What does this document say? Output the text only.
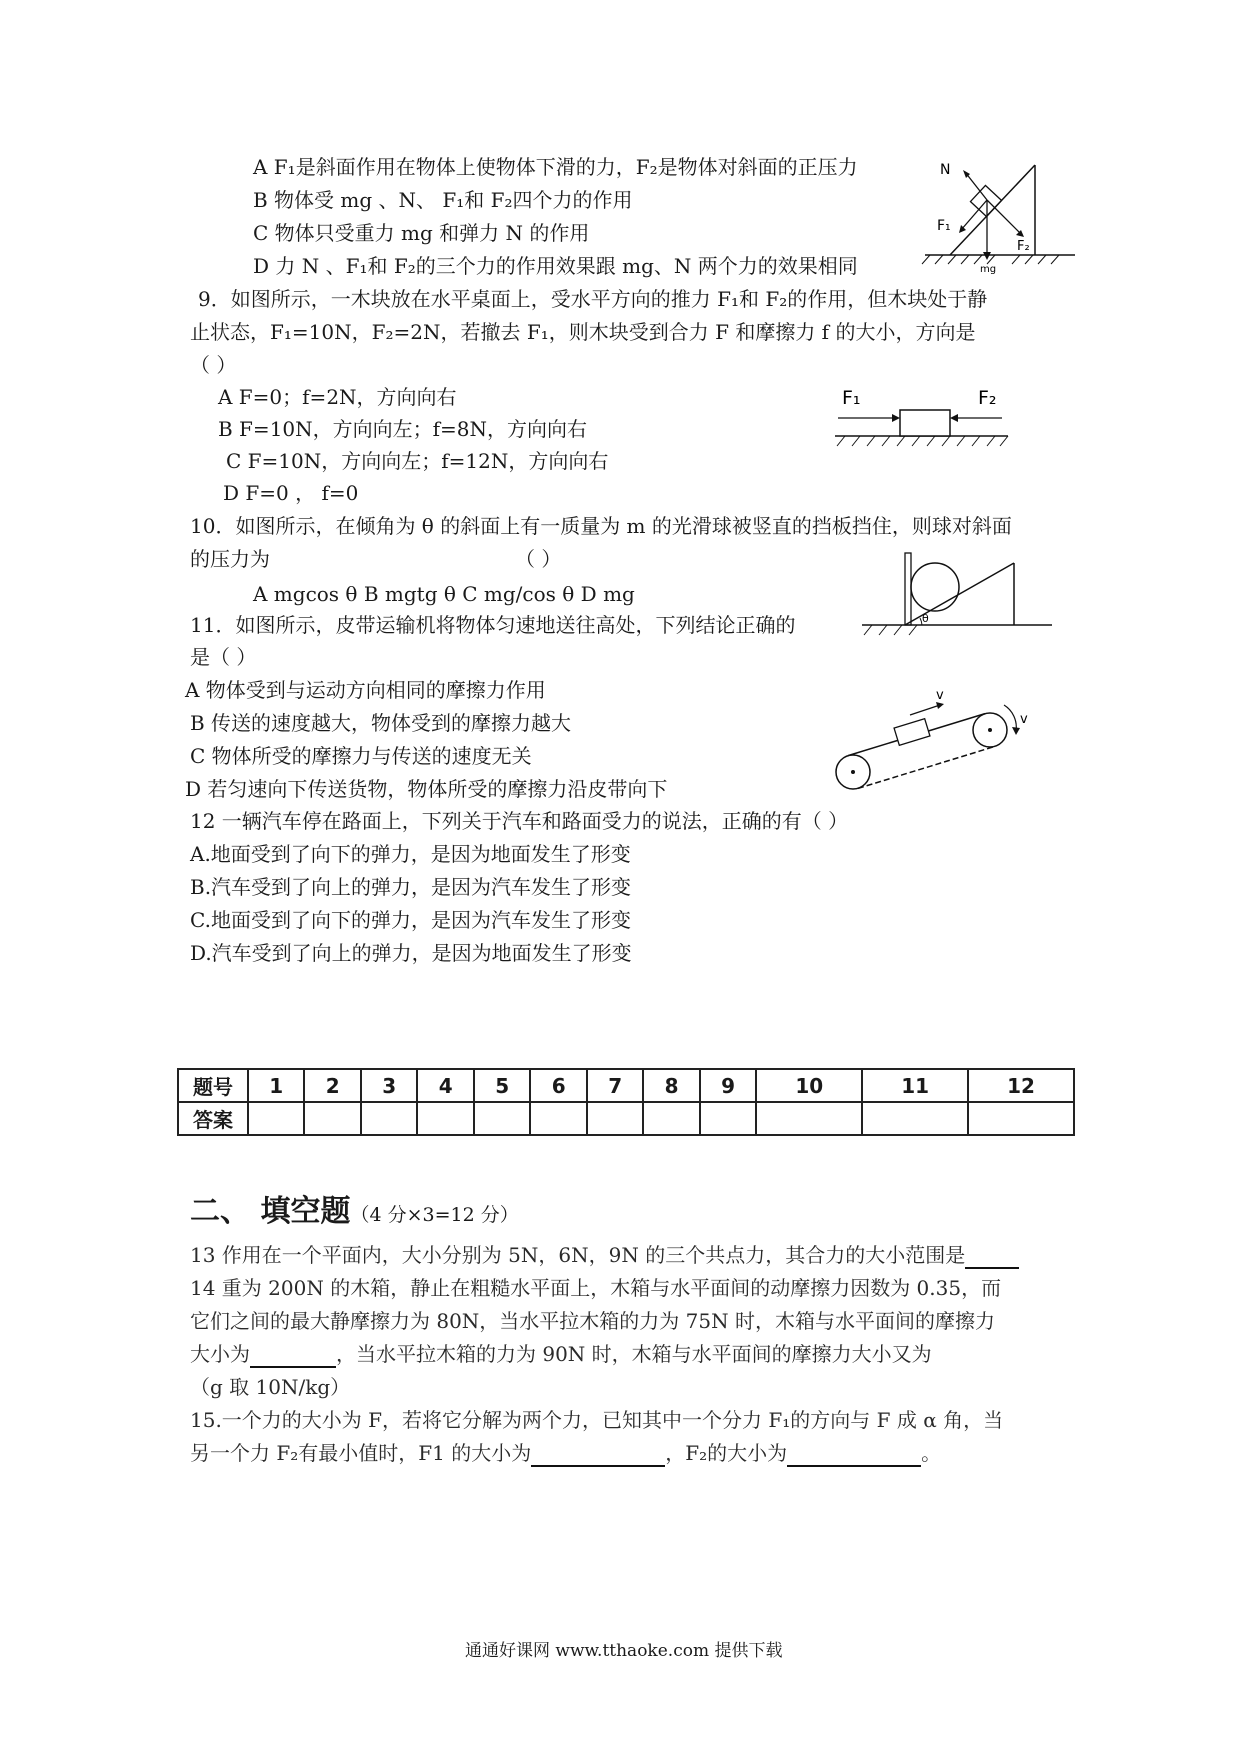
A F₁是斜面作用在物体上使物体下滑的力，F₂是物体对斜面的正压力
B 物体受 mg 、N、 F₁和 F₂四个力的作用
C 物体只受重力 mg 和弹力 N 的作用
D 力 N 、F₁和 F₂的三个力的作用效果跟 mg、N 两个力的效果相同
N
F₁
F₂
mg
9．如图所示，一木块放在水平桌面上，受水平方向的推力 F₁和 F₂的作用，但木块处于静
止状态，F₁=10N，F₂=2N，若撤去 F₁，则木块受到合力 F 和摩擦力 f 的大小，方向是
（ ）
A F=0；f=2N，方向向右
B F=10N，方向向左；f=8N，方向向右
C F=10N，方向向左；f=12N，方向向右
D F=0 ， f=0
F₁	F₂
10．如图所示，在倾角为 θ 的斜面上有一质量为 m 的光滑球被竖直的挡板挡住，则球对斜面
的压力为	（ ）
A mgcos θ B mgtg θ C mg/cos θ D mg
θ
11．如图所示，皮带运输机将物体匀速地送往高处，下列结论正确的
是（ ）
A 物体受到与运动方向相同的摩擦力作用
B 传送的速度越大，物体受到的摩擦力越大
C 物体所受的摩擦力与传送的速度无关
D 若匀速向下传送货物，物体所受的摩擦力沿皮带向下
v
v
12 一辆汽车停在路面上，下列关于汽车和路面受力的说法，正确的有（ ）
A.地面受到了向下的弹力，是因为地面发生了形变
B.汽车受到了向上的弹力，是因为汽车发生了形变
C.地面受到了向下的弹力，是因为汽车发生了形变
D.汽车受到了向上的弹力，是因为地面发生了形变
题号	1	2	3	4	5	6	7	8	9	10	11	12
答案												
二、 填空题（4 分×3=12 分）
13 作用在一个平面内，大小分别为 5N，6N，9N 的三个共点力，其合力的大小范围是
14 重为 200N 的木箱，静止在粗糙水平面上，木箱与水平面间的动摩擦力因数为 0.35，而
它们之间的最大静摩擦力为 80N，当水平拉木箱的力为 75N 时，木箱与水平面间的摩擦力
大小为	，当水平拉木箱的力为 90N 时，木箱与水平面间的摩擦力大小又为
（g 取 10N/kg）
15.一个力的大小为 F，若将它分解为两个力，已知其中一个分力 F₁的方向与 F 成 α 角，当
另一个力 F₂有最小值时，F1 的大小为	，F₂的大小为	。
通通好课网 www.tthaoke.com 提供下载
